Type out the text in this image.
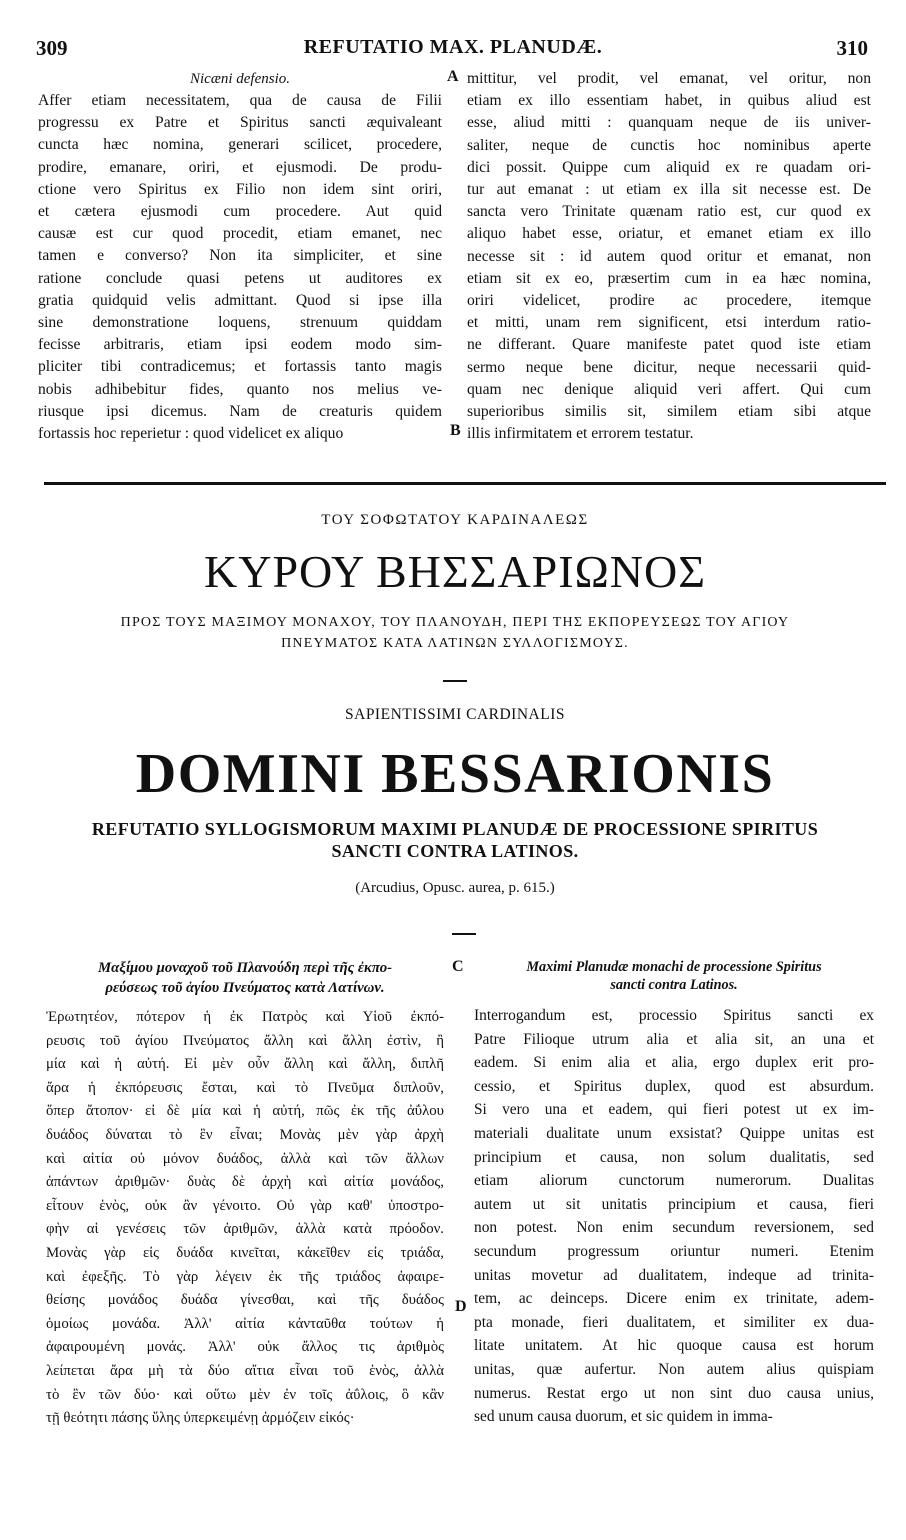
309	REFUTATIO MAX. PLANUDÆ.	310
Nicæni defensio.
Affer etiam necessitatem, qua de causa de Filii
progressu ex Patre et Spiritus sancti æquivaleant
cuncta hæc nomina, generari scilicet, procedere,
prodire, emanare, oriri, et ejusmodi. De produ-
ctione vero Spiritus ex Filio non idem sint oriri,
et cætera ejusmodi cum procedere. Aut quid
causæ est cur quod procedit, etiam emanet, nec
tamen e converso? Non ita simpliciter, et sine
ratione conclude quasi petens ut auditores ex
gratia quidquid velis admittant. Quod si ipse illa
sine demonstratione loquens, strenuum quiddam
fecisse arbitraris, etiam ipsi eodem modo sim-
pliciter tibi contradicemus; et fortassis tanto magis
nobis adhibebitur fides, quanto nos melius ve-
riusque ipsi dicemus. Nam de creaturis quidem
fortassis hoc reperietur : quod videlicet ex aliquo
mittitur, vel prodit, vel emanat, vel oritur, non
etiam ex illo essentiam habet, in quibus aliud est
esse, aliud mitti : quanquam neque de iis univer-
saliter, neque de cunctis hoc nominibus aperte
dici possit. Quippe cum aliquid ex re quadam ori-
tur aut emanat : ut etiam ex illa sit necesse est. De
sancta vero Trinitate quænam ratio est, cur quod ex
aliquo habet esse, oriatur, et emanet etiam ex illo
necesse sit : id autem quod oritur et emanat, non
etiam sit ex eo, præsertim cum in ea hæc nomina,
oriri videlicet, prodire ac procedere, itemque
et mitti, unam rem significent, etsi interdum ratio-
ne differant. Quare manifeste patet quod iste etiam
sermo neque bene dicitur, neque necessarii quid-
quam nec denique aliquid veri affert. Qui cum
superioribus similis sit, similem etiam sibi atque
illis infirmitatem et errorem testatur.
A
B
ΤΟΥ ΣΟΦΩΤΑΤΟΥ ΚΑΡΔΙΝΑΛΕΩΣ
ΚΥΡΟΥ ΒΗΣΣΑΡΙΩΝΟΣ
ΠΡΟΣ ΤΟΥΣ ΜΑΞΙΜΟΥ ΜΟΝΑΧΟΥ, ΤΟΥ ΠΛΑΝΟΥΔΗ, ΠΕΡΙ ΤΗΣ ΕΚΠΟΡΕΥΣΕΩΣ ΤΟΥ ΑΓΙΟΥ
ΠΝΕΥΜΑΤΟΣ ΚΑΤΑ ΛΑΤΙΝΩΝ ΣΥΛΛΟΓΙΣΜΟΥΣ.
SAPIENTISSIMI CARDINALIS
DOMINI BESSARIONIS
REFUTATIO SYLLOGISMORUM MAXIMI PLANUDÆ DE PROCESSIONE SPIRITUS
SANCTI CONTRA LATINOS.
(Arcudius, Opusc. aurea, p. 615.)
Μαξίμου μοναχοῦ τοῦ Πλανούδη περὶ τῆς ἐκπο-
ρεύσεως τοῦ ἁγίου Πνεύματος κατὰ Λατίνων.
Ἐρωτητέον, πότερον ἡ ἐκ Πατρὸς καὶ Υἱοῦ ἐκπό-
ρευσις τοῦ ἁγίου Πνεύματος ἄλλη καὶ ἄλλη ἐστὶν, ἢ
μία καὶ ἡ αὐτή. Εἰ μὲν οὖν ἄλλη καὶ ἄλλη, διπλῆ
ἄρα ἡ ἐκπόρευσις ἔσται, καὶ τὸ Πνεῦμα διπλοῦν,
ὅπερ ἄτοπον· εἰ δὲ μία καὶ ἡ αὐτή, πῶς ἐκ τῆς ἀΰλου
δυάδος δύναται τὸ ἓν εἶναι; Μονὰς μὲν γὰρ ἀρχὴ
καὶ αἰτία οὐ μόνον δυάδος, ἀλλὰ καὶ τῶν ἄλλων
ἁπάντων ἀριθμῶν· δυὰς δὲ ἀρχὴ καὶ αἰτία μονάδος,
εἶτουν ἑνὸς, οὐκ ἂν γένοιτο. Οὐ γὰρ καθ' ὑποστρο-
φὴν αἱ γενέσεις τῶν ἀριθμῶν, ἀλλὰ κατὰ πρόοδον.
Μονὰς γὰρ εἰς δυάδα κινεῖται, κἀκεῖθεν εἰς τριάδα,
καὶ ἐφεξῆς. Τὸ γὰρ λέγειν ἐκ τῆς τριάδος ἀφαιρε-
θείσης μονάδος δυάδα γίνεσθαι, καὶ τῆς δυάδος
ὁμοίως μονάδα. Ἀλλ' αἰτία κἀνταῦθα τούτων ἡ
ἀφαιρουμένη μονάς. Ἀλλ' οὐκ ἄλλος τις ἀριθμὸς
λείπεται ἄρα μὴ τὰ δύο αἴτια εἶναι τοῦ ἑνὸς, ἀλλὰ
τὸ ἓν τῶν δύο· καὶ οὕτω μὲν ἐν τοῖς ἀΰλοις, ὃ κἂν
τῇ θεότητι πάσης ὕλης ὑπερκειμένῃ ἁρμόζειν εἰκός·
Maximi Planudæ monachi de processione Spiritus
sancti contra Latinos.
Interrogandum est, processio Spiritus sancti ex
Patre Filioque utrum alia et alia sit, an una et
eadem. Si enim alia et alia, ergo duplex erit pro-
cessio, et Spiritus duplex, quod est absurdum.
Si vero una et eadem, qui fieri potest ut ex im-
materiali dualitate unum exsistat? Quippe unitas est
principium et causa, non solum dualitatis, sed
etiam aliorum cunctorum numerorum. Dualitas
autem ut sit unitatis principium et causa, fieri
non potest. Non enim secundum reversionem, sed
secundum progressum oriuntur numeri. Etenim
unitas movetur ad dualitatem, indeque ad trinita-
tem, ac deinceps. Dicere enim ex trinitate, adem-
pta monade, fieri dualitatem, et similiter ex dua-
litate unitatem. At hic quoque causa est horum
unitas, quæ aufertur. Non autem alius quispiam
numerus. Restat ergo ut non sint duo causa unius,
sed unum causa duorum, et sic quidem in imma-
C
D
